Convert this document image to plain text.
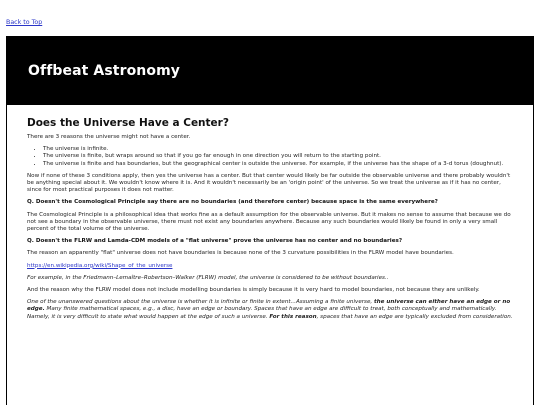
Back to Top
Offbeat Astronomy
Does the Universe Have a Center?

There are 3 reasons the universe might not have a center.

• The universe is infinite.
• The universe is finite, but wraps around so that if you go far enough in one direction you will return to the starting point.
• The universe is finite and has boundaries, but the geographical center is outside the universe. For example, if the universe has the shape of a 3-d torus (doughnut).

Now if none of these 3 conditions apply, then yes the universe has a center. But that center would likely be far outside the observable universe and there probably wouldn't be anything special about it. We wouldn't know where it is. And it wouldn't necessarily be an 'origin point' of the universe. So we treat the universe as if it has no center, since for most practical purposes it does not matter.

Q. Doesn't the Cosmological Principle say there are no boundaries (and therefore center) because space is the same everywhere?

The Cosmological Principle is a philosophical idea that works fine as a default assumption for the observable universe. But it makes no sense to assume that because we do not see a boundary in the observable universe, there must not exist any boundaries anywhere. Because any such boundaries would likely be found in only a very small percent of the total volume of the universe.

Q. Doesn't the FLRW and Lamda-CDM models of a "flat universe" prove the universe has no center and no boundaries?

The reason an apparently "flat" universe does not have boundaries is because none of the 3 curvature possibilities in the FLRW model have boundaries.

https://en.wikipedia.org/wiki/Shape_of_the_universe

For example, in the Friedmann–Lemaître–Robertson–Walker (FLRW) model, the universe is considered to be without boundaries..

And the reason why the FLRW model does not include modelling boundaries is simply because it is very hard to model boundaries, not because they are unlikely.

One of the unanswered questions about the universe is whether it is infinite or finite in extent...Assuming a finite universe, the universe can either have an edge or no edge. Many finite mathematical spaces, e.g., a disc, have an edge or boundary. Spaces that have an edge are difficult to treat, both conceptually and mathematically. Namely, it is very difficult to state what would happen at the edge of such a universe. For this reason, spaces that have an edge are typically excluded from consideration.
